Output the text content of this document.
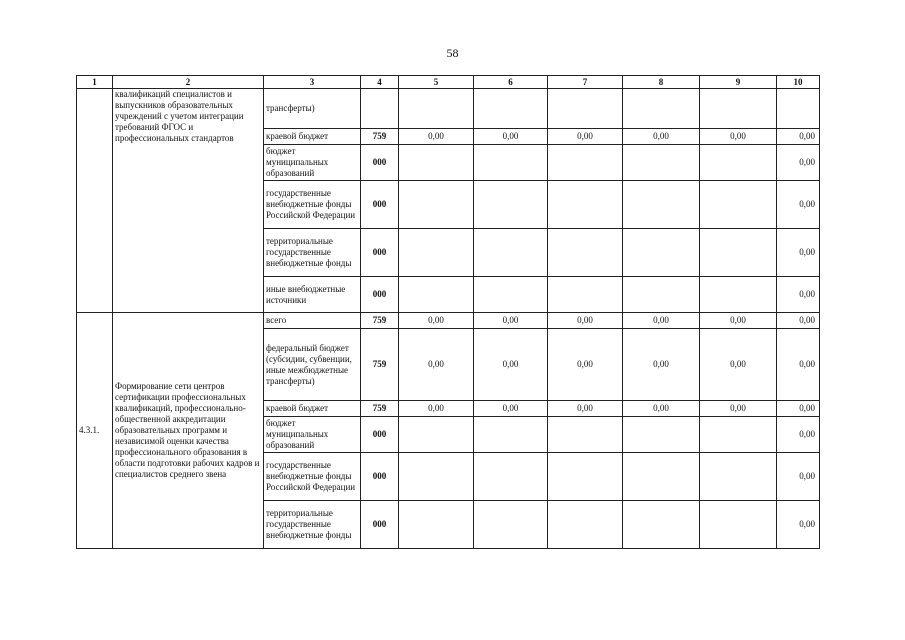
58
1	2	3	4	5	6	7	8	9	10
	квалификаций специалистов и выпускников образовательных учреждений с учетом интеграции требований ФГОС и профессиональных стандартов	трансферты)							
		краевой бюджет	759	0,00	0,00	0,00	0,00	0,00	0,00
		бюджет муниципальных образований	000						0,00
		государственные внебюджетные фонды Российской Федерации	000						0,00
		территориальные государственные внебюджетные фонды	000						0,00
		иные внебюджетные источники	000						0,00
4.3.1.	Формирование сети центров сертификации профессиональных квалификаций, профессионально-общественной аккредитации образовательных программ и независимой оценки качества профессионального образования в области подготовки рабочих кадров и специалистов среднего звена	всего	759	0,00	0,00	0,00	0,00	0,00	0,00
		федеральный бюджет (субсидии, субвенции, иные межбюджетные трансферты)	759	0,00	0,00	0,00	0,00	0,00	0,00
		краевой бюджет	759	0,00	0,00	0,00	0,00	0,00	0,00
		бюджет муниципальных образований	000						0,00
		государственные внебюджетные фонды Российской Федерации	000						0,00
		территориальные государственные внебюджетные фонды	000						0,00
